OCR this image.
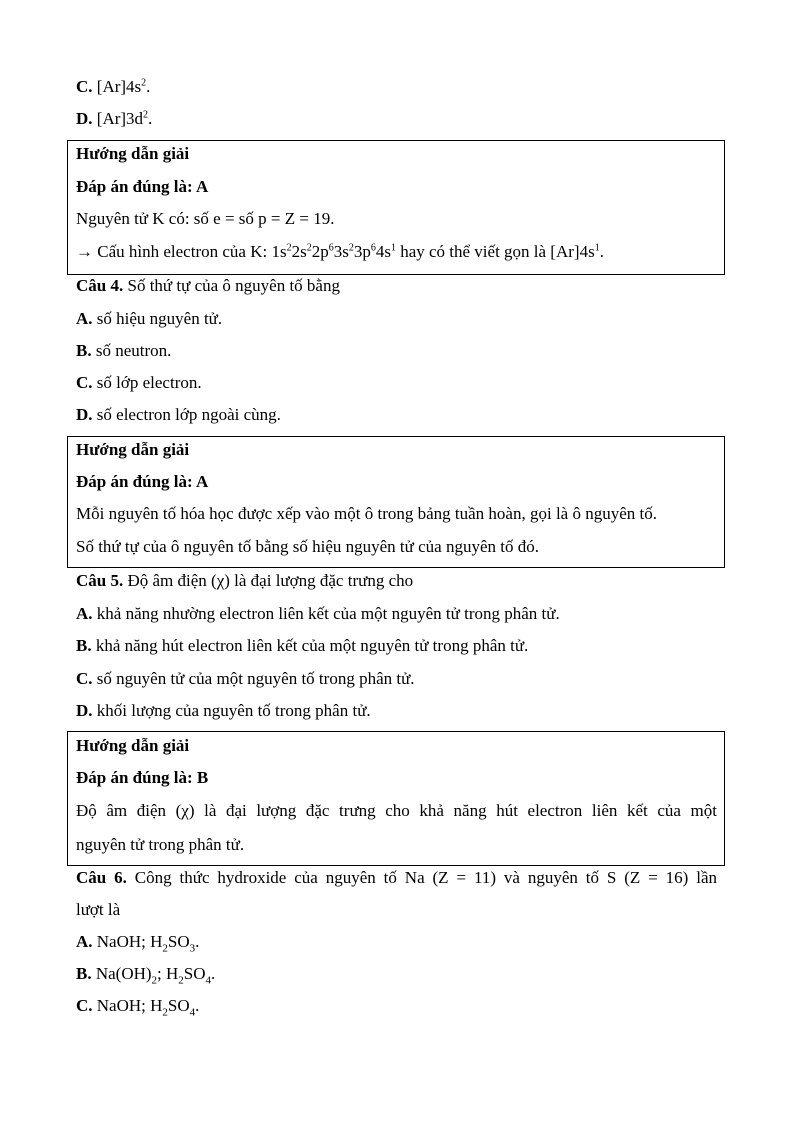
C. $[Ar]4s^2$.
D. $[Ar]3d^2$.
Hướng dẫn giải
Đáp án đúng là: A
Nguyên tử K có: số e = số p = Z = 19.
→ Cấu hình electron của K: $1s^22s^22p^63s^23p^64s^1$ hay có thể viết gọn là $[Ar]4s^1$.
Câu 4. Số thứ tự của ô nguyên tố bằng
A. số hiệu nguyên tử.
B. số neutron.
C. số lớp electron.
D. số electron lớp ngoài cùng.
Hướng dẫn giải
Đáp án đúng là: A
Mỗi nguyên tố hóa học được xếp vào một ô trong bảng tuần hoàn, gọi là ô nguyên tố.
Số thứ tự của ô nguyên tố bằng số hiệu nguyên tử của nguyên tố đó.
Câu 5. Độ âm điện (χ) là đại lượng đặc trưng cho
A. khả năng nhường electron liên kết của một nguyên tử trong phân tử.
B. khả năng hút electron liên kết của một nguyên tử trong phân tử.
C. số nguyên tử của một nguyên tố trong phân tử.
D. khối lượng của nguyên tố trong phân tử.
Hướng dẫn giải
Đáp án đúng là: B
Độ âm điện (χ) là đại lượng đặc trưng cho khả năng hút electron liên kết của một
nguyên tử trong phân tử.
Câu 6. Công thức hydroxide của nguyên tố Na (Z = 11) và nguyên tố S (Z = 16) lần
lượt là
A. NaOH; $H_2SO_3$.
B. $Na(OH)_2$; $H_2SO_4$.
C. NaOH; $H_2SO_4$.
